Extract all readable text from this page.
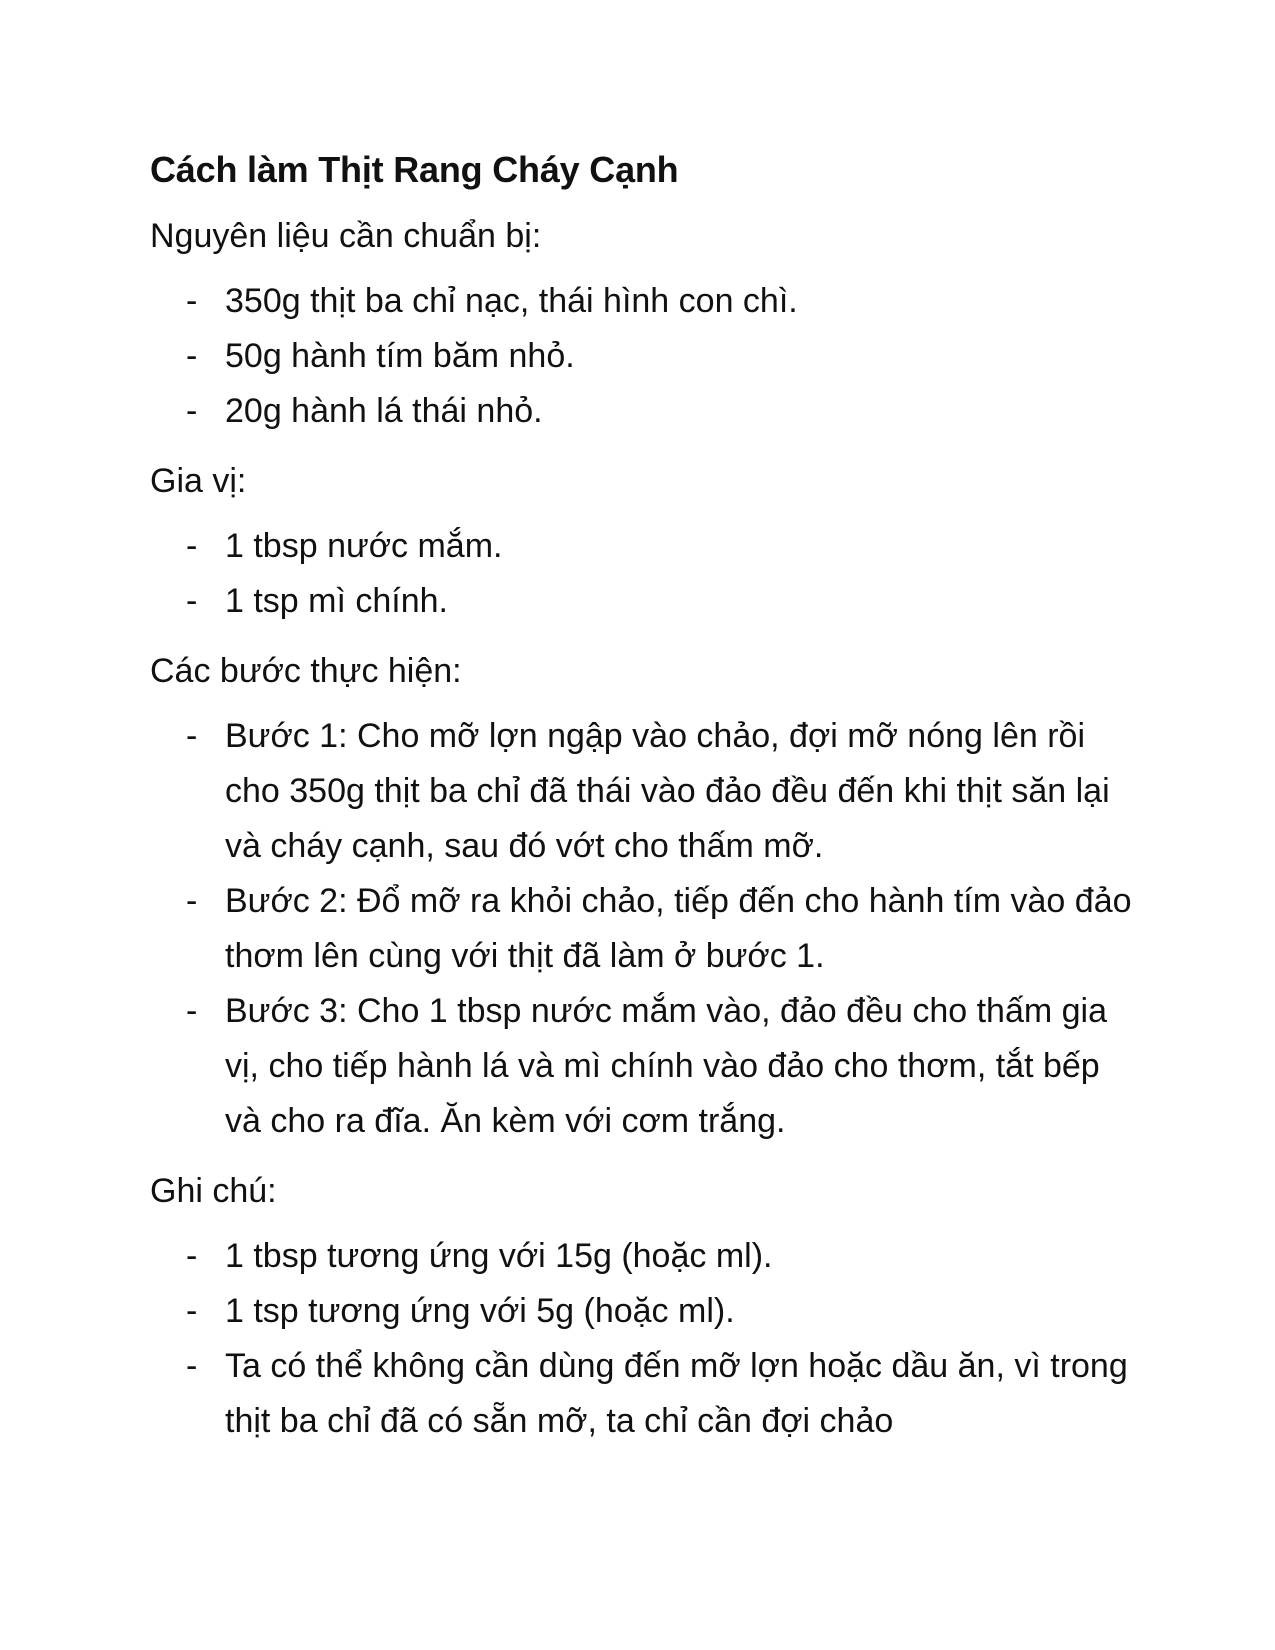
Cách làm Thịt Rang Cháy Cạnh
Nguyên liệu cần chuẩn bị:
- 350g thịt ba chỉ nạc, thái hình con chì.
- 50g hành tím băm nhỏ.
- 20g hành lá thái nhỏ.
Gia vị:
- 1 tbsp nước mắm.
- 1 tsp mì chính.
Các bước thực hiện:
- Bước 1: Cho mỡ lợn ngập vào chảo, đợi mỡ nóng lên rồi cho 350g thịt ba chỉ đã thái vào đảo đều đến khi thịt săn lại và cháy cạnh, sau đó vớt cho thấm mỡ.
- Bước 2: Đổ mỡ ra khỏi chảo, tiếp đến cho hành tím vào đảo thơm lên cùng với thịt đã làm ở bước 1.
- Bước 3: Cho 1 tbsp nước mắm vào, đảo đều cho thấm gia vị, cho tiếp hành lá và mì chính vào đảo cho thơm, tắt bếp và cho ra đĩa. Ăn kèm với cơm trắng.
Ghi chú:
- 1 tbsp tương ứng với 15g (hoặc ml).
- 1 tsp tương ứng với 5g (hoặc ml).
- Ta có thể không cần dùng đến mỡ lợn hoặc dầu ăn, vì trong thịt ba chỉ đã có sẵn mỡ, ta chỉ cần đợi chảo
